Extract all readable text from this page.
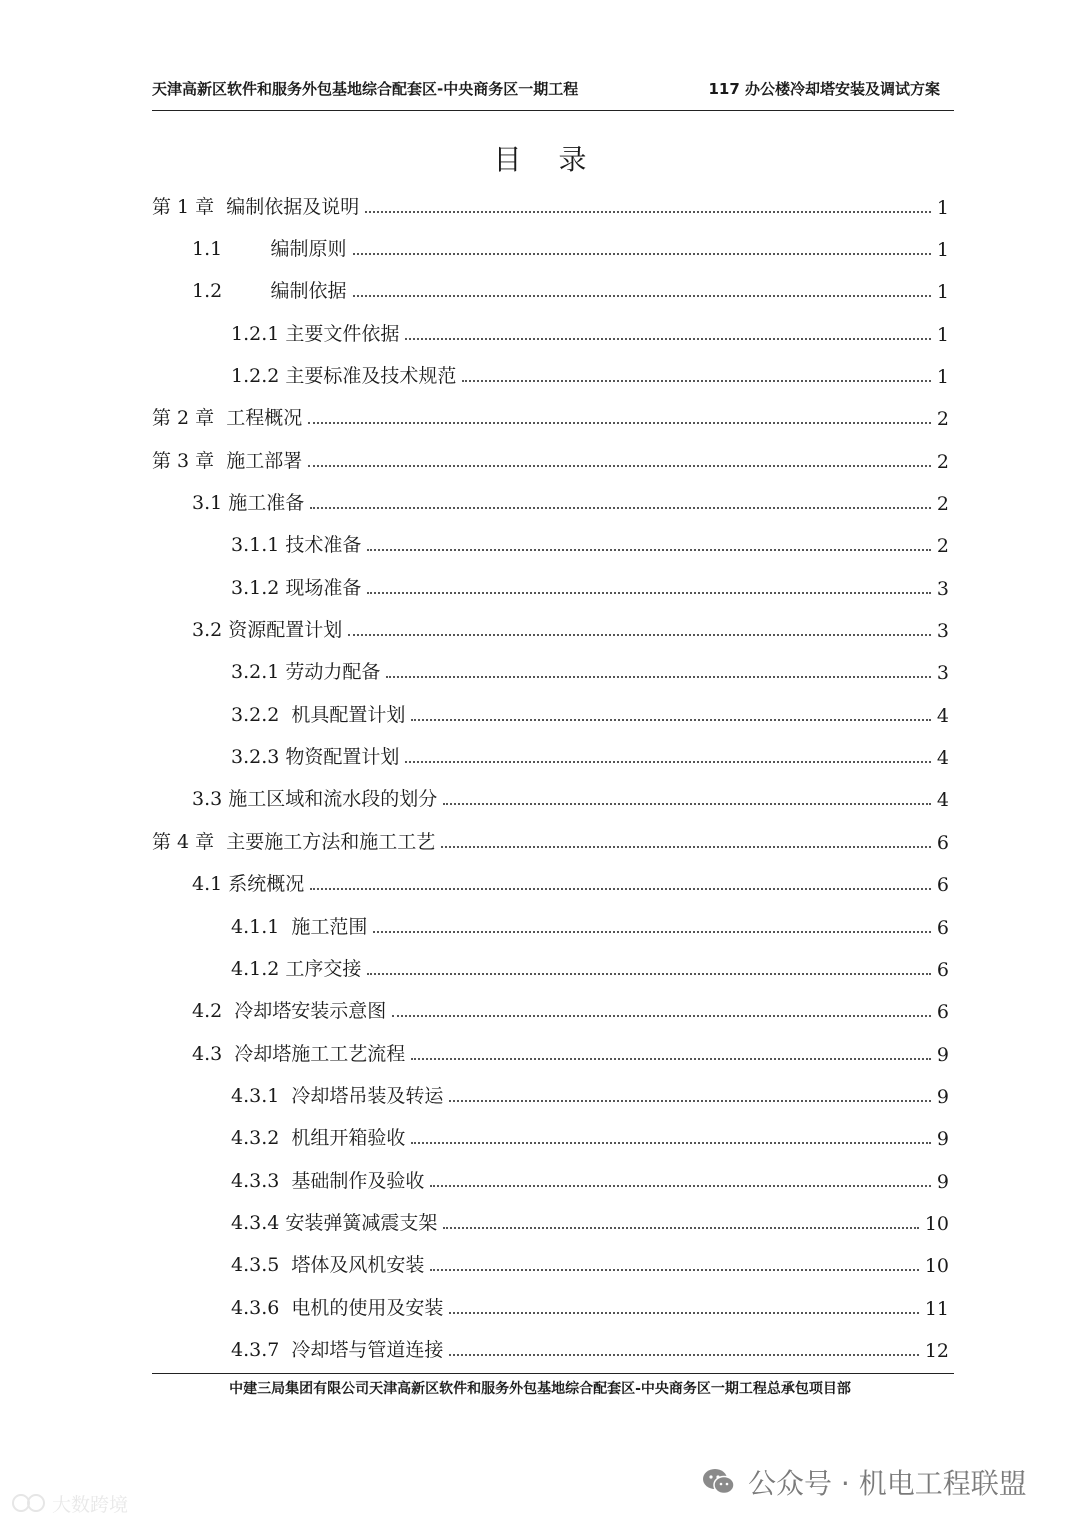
天津高新区软件和服务外包基地综合配套区-中央商务区一期工程	117 办公楼冷却塔安装及调试方案
目 录
第 1 章  编制依据及说明	1
1.1        编制原则	1
1.2        编制依据	1
1.2.1 主要文件依据	1
1.2.2 主要标准及技术规范	1
第 2 章  工程概况	2
第 3 章  施工部署	2
3.1 施工准备	2
3.1.1 技术准备	2
3.1.2 现场准备	3
3.2 资源配置计划	3
3.2.1 劳动力配备	3
3.2.2  机具配置计划	4
3.2.3 物资配置计划	4
3.3 施工区域和流水段的划分	4
第 4 章  主要施工方法和施工工艺	6
4.1 系统概况	6
4.1.1  施工范围	6
4.1.2 工序交接	6
4.2  冷却塔安装示意图	6
4.3  冷却塔施工工艺流程	9
4.3.1  冷却塔吊装及转运	9
4.3.2  机组开箱验收	9
4.3.3  基础制作及验收	9
4.3.4 安装弹簧减震支架	10
4.3.5  塔体及风机安装	10
4.3.6  电机的使用及安装	11
4.3.7  冷却塔与管道连接	12
中建三局集团有限公司天津高新区软件和服务外包基地综合配套区-中央商务区一期工程总承包项目部
公众号 · 机电工程联盟
大数跨境
